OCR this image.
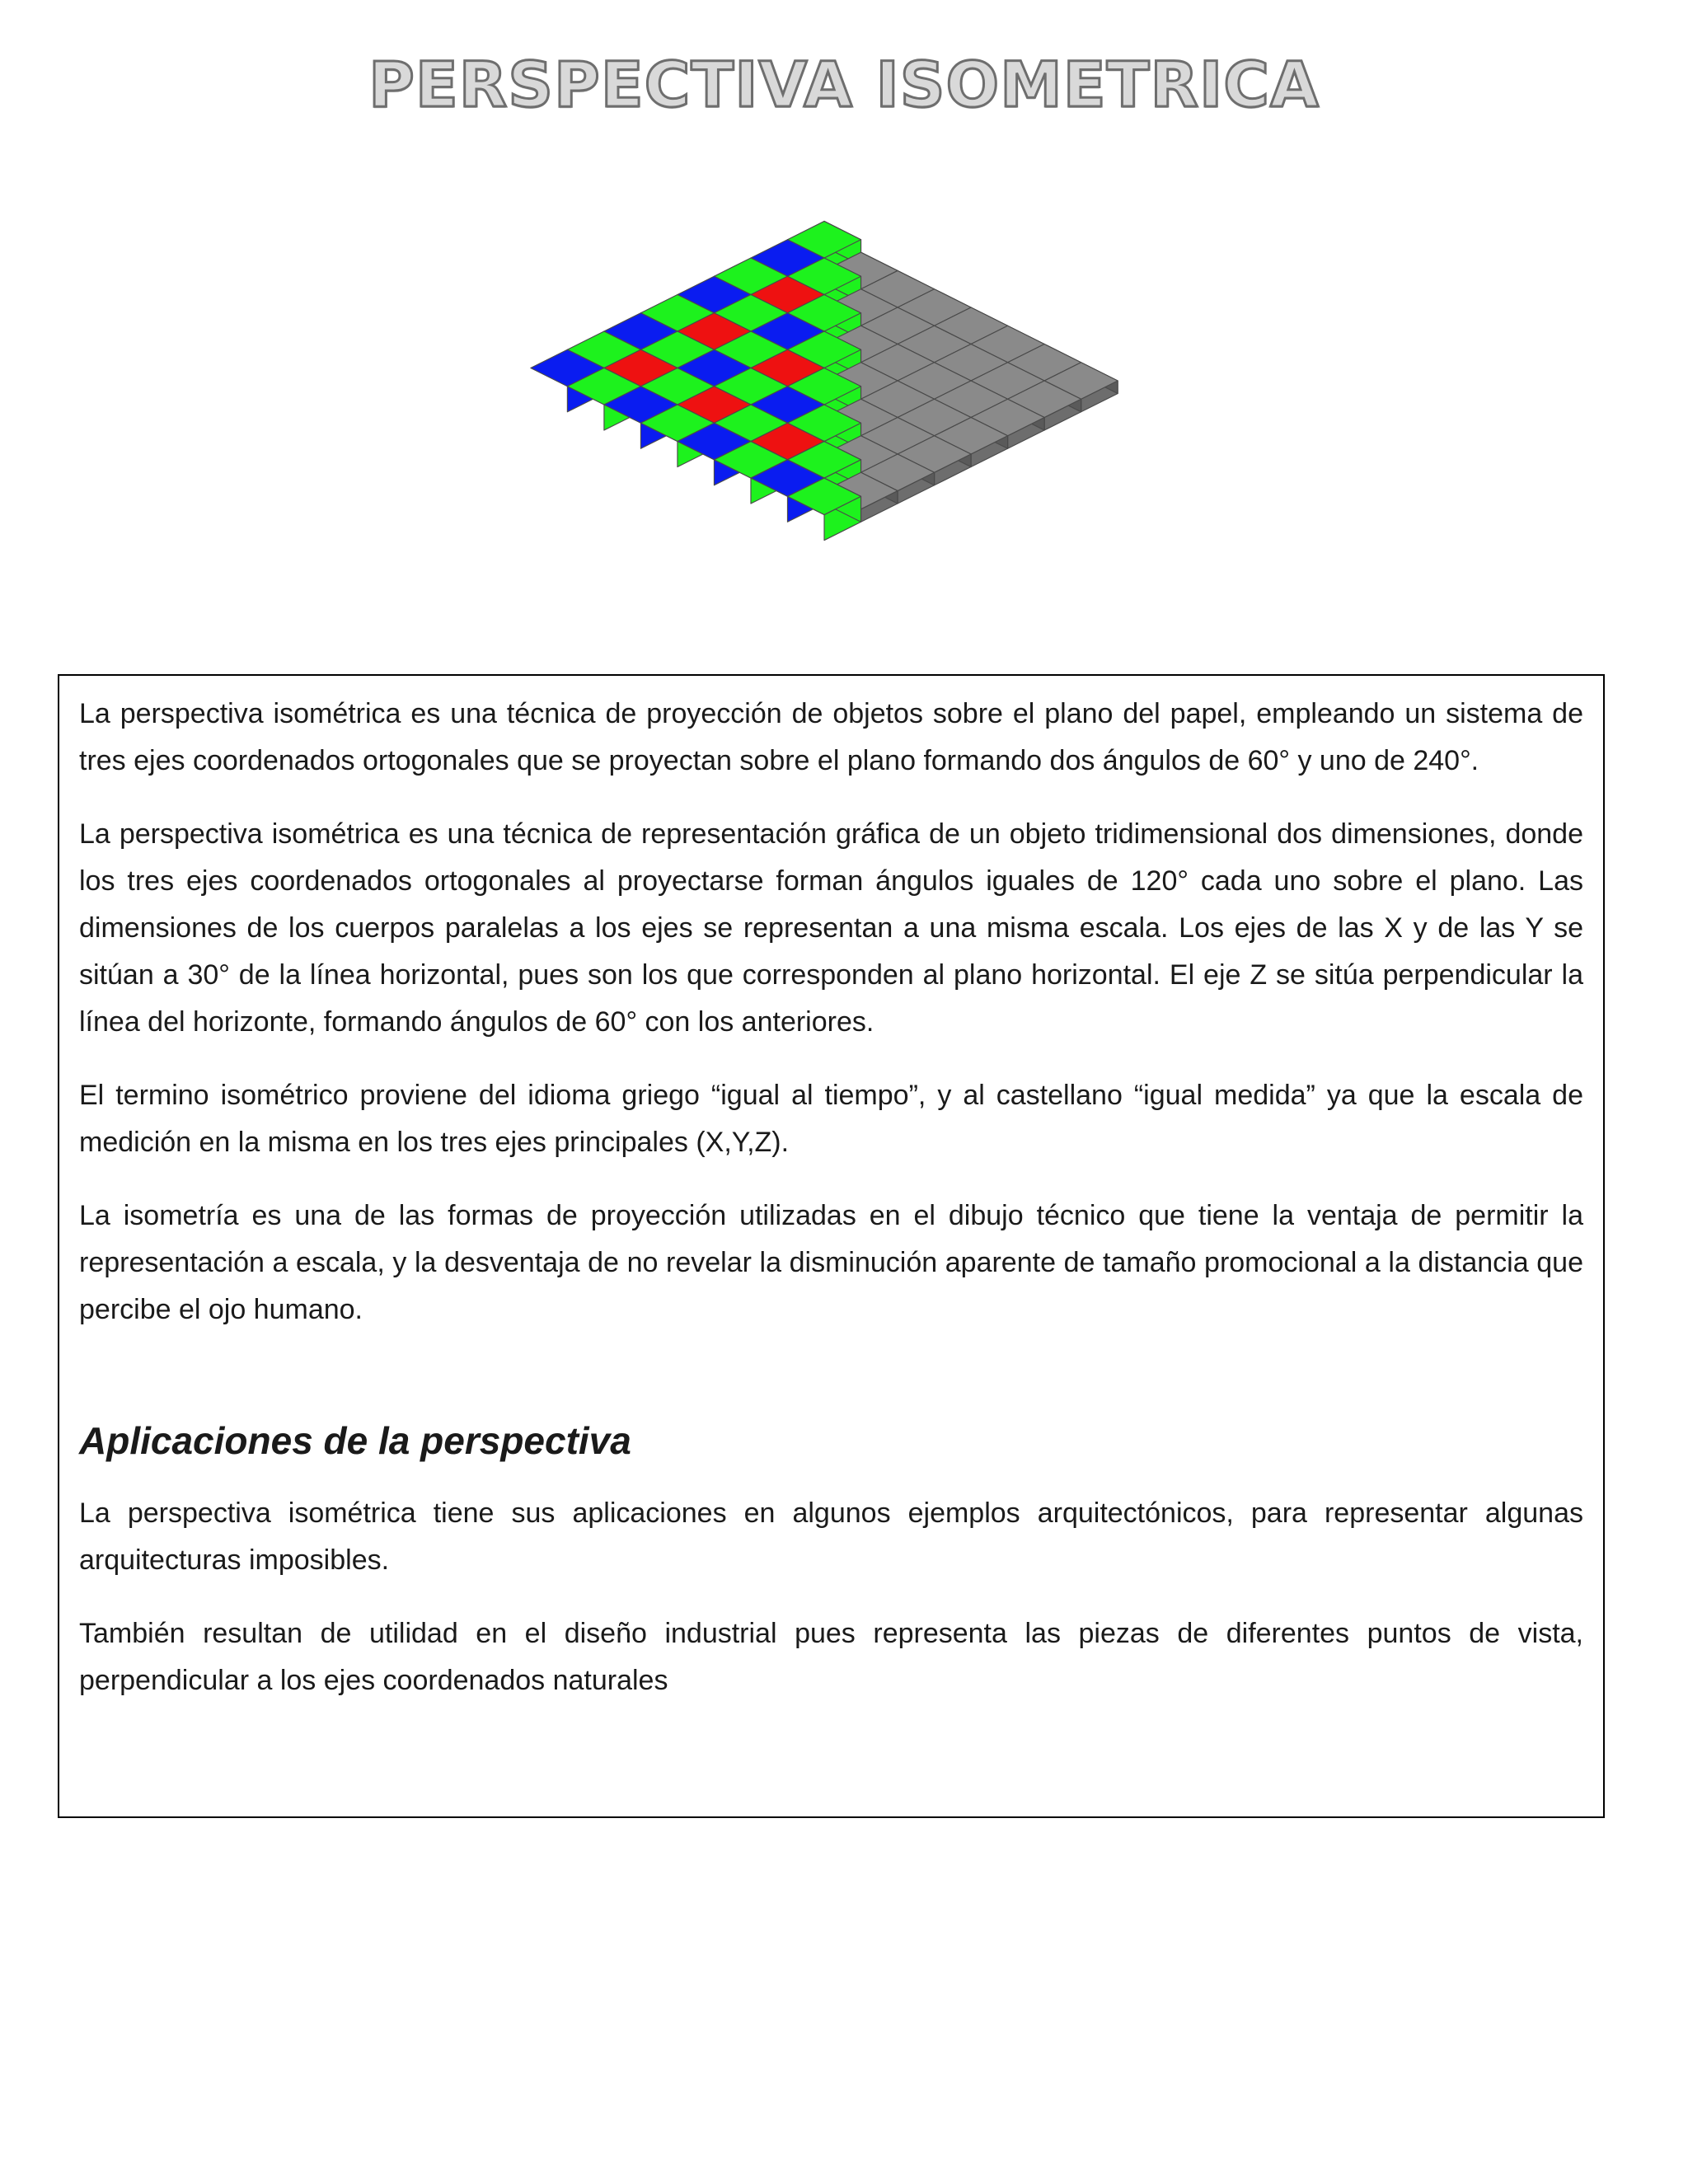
PERSPECTIVA ISOMETRICA

La perspectiva isométrica es una técnica de proyección de objetos sobre el plano del papel, empleando un sistema de tres ejes coordenados ortogonales que se proyectan sobre el plano formando dos ángulos de 60° y uno de 240°.

La perspectiva isométrica es una técnica de representación gráfica de un objeto tridimensional dos dimensiones, donde los tres ejes coordenados ortogonales al proyectarse forman ángulos iguales de 120° cada uno sobre el plano. Las dimensiones de los cuerpos paralelas a los ejes se representan a una misma escala. Los ejes de las X y de las Y se sitúan a 30° de la línea horizontal, pues son los que corresponden al plano horizontal. El eje Z se sitúa perpendicular la línea del horizonte, formando ángulos de 60° con los anteriores.

El termino isométrico proviene del idioma griego “igual al tiempo”, y al castellano “igual medida” ya que la escala de medición en la misma en los tres ejes principales (X,Y,Z).

La isometría es una de las formas de proyección utilizadas en el dibujo técnico que tiene la ventaja de permitir la representación a escala, y la desventaja de no revelar la disminución aparente de tamaño promocional a la distancia que percibe el ojo humano.

Aplicaciones de la perspectiva

La perspectiva isométrica tiene sus aplicaciones en algunos ejemplos arquitectónicos, para representar algunas arquitecturas imposibles.

También resultan de utilidad en el diseño industrial pues representa las piezas de diferentes puntos de vista, perpendicular a los ejes coordenados naturales
